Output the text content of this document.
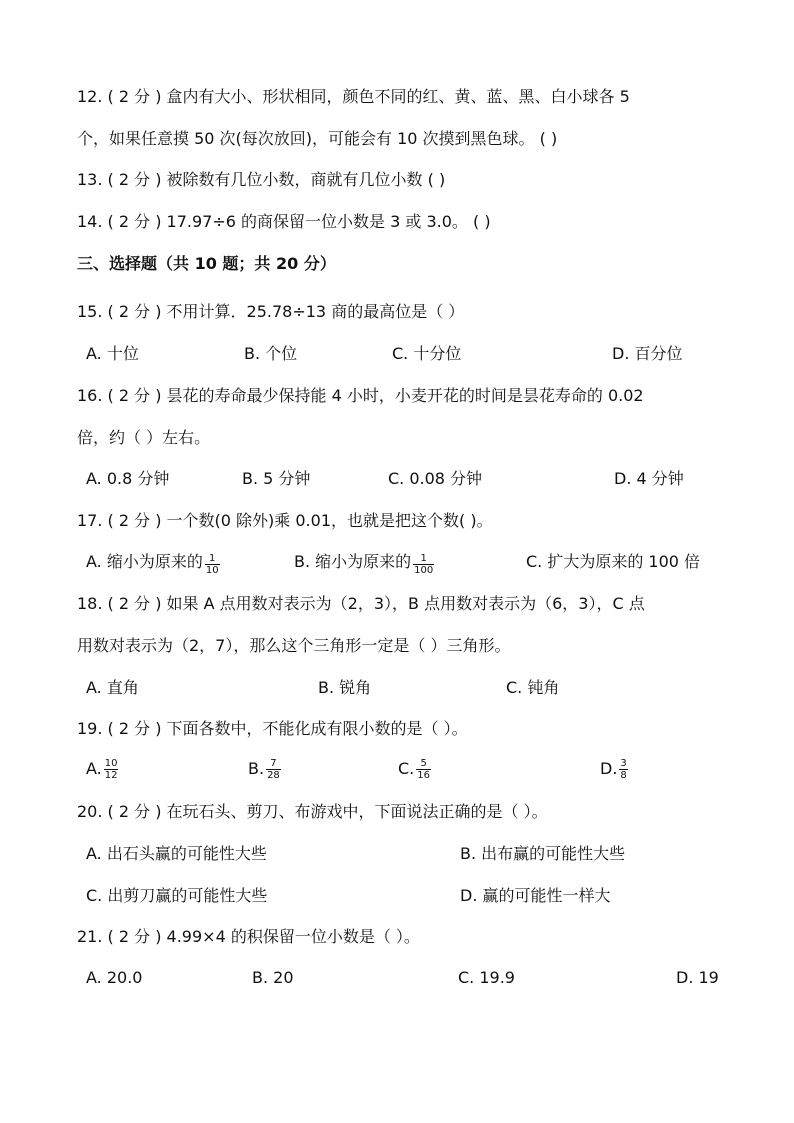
12. ( 2 分 ) 盒内有大小、形状相同，颜色不同的红、黄、蓝、黑、白小球各 5
个，如果任意摸 50 次(每次放回)，可能会有 10 次摸到黑色球。 ( )
13. ( 2 分 ) 被除数有几位小数，商就有几位小数 ( )
14. ( 2 分 ) 17.97÷6 的商保留一位小数是 3 或 3.0。 ( )
三、选择题（共 10 题；共 20 分）
15. ( 2 分 ) 不用计算．25.78÷13 商的最高位是（ ）
A. 十位	B. 个位	C. 十分位	D. 百分位
16. ( 2 分 ) 昙花的寿命最少保持能 4 小时，小麦开花的时间是昙花寿命的 0.02
倍，约（ ）左右。
A. 0.8 分钟	B. 5 分钟	C. 0.08 分钟	D. 4 分钟
17. ( 2 分 ) 一个数(0 除外)乘 0.01，也就是把这个数( )。
A. 缩小为原来的 $\frac{1}{10}$	B. 缩小为原来的 $\frac{1}{100}$	C. 扩大为原来的 100 倍
18. ( 2 分 ) 如果 A 点用数对表示为（2，3），B 点用数对表示为（6，3），C 点
用数对表示为（2，7），那么这个三角形一定是（ ）三角形。
A. 直角	B. 锐角	C. 钝角
19. ( 2 分 ) 下面各数中，不能化成有限小数的是（ ）。
A. $\frac{10}{12}$	B. $\frac{7}{28}$	C. $\frac{5}{16}$	D. $\frac{3}{8}$
20. ( 2 分 ) 在玩石头、剪刀、布游戏中，下面说法正确的是（ ）。
A. 出石头赢的可能性大些	B. 出布赢的可能性大些
C. 出剪刀赢的可能性大些	D. 赢的可能性一样大
21. ( 2 分 ) 4.99×4 的积保留一位小数是（ ）。
A. 20.0	B. 20	C. 19.9	D. 19
